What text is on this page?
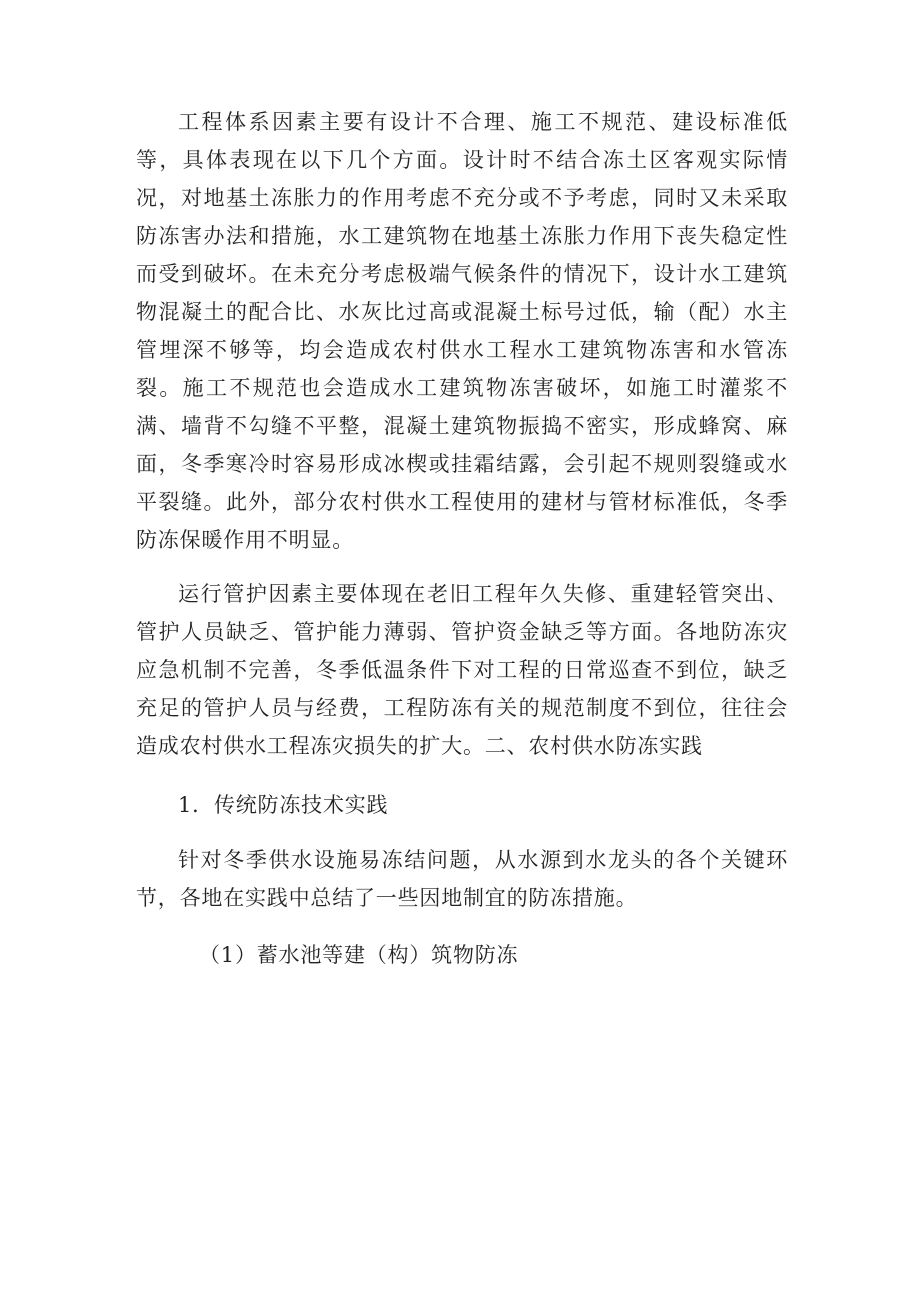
工程体系因素主要有设计不合理、施工不规范、建设标准低等，具体表现在以下几个方面。设计时不结合冻土区客观实际情况，对地基土冻胀力的作用考虑不充分或不予考虑，同时又未采取防冻害办法和措施，水工建筑物在地基土冻胀力作用下丧失稳定性而受到破坏。在未充分考虑极端气候条件的情况下，设计水工建筑物混凝土的配合比、水灰比过高或混凝土标号过低，输（配）水主管埋深不够等，均会造成农村供水工程水工建筑物冻害和水管冻裂。施工不规范也会造成水工建筑物冻害破坏，如施工时灌浆不满、墙背不勾缝不平整，混凝土建筑物振捣不密实，形成蜂窝、麻面，冬季寒冷时容易形成冰楔或挂霜结露，会引起不规则裂缝或水平裂缝。此外，部分农村供水工程使用的建材与管材标准低，冬季防冻保暖作用不明显。

运行管护因素主要体现在老旧工程年久失修、重建轻管突出、管护人员缺乏、管护能力薄弱、管护资金缺乏等方面。各地防冻灾应急机制不完善，冬季低温条件下对工程的日常巡查不到位，缺乏充足的管护人员与经费，工程防冻有关的规范制度不到位，往往会造成农村供水工程冻灾损失的扩大。二、农村供水防冻实践

1．传统防冻技术实践

针对冬季供水设施易冻结问题，从水源到水龙头的各个关键环节，各地在实践中总结了一些因地制宜的防冻措施。

（1）蓄水池等建（构）筑物防冻
